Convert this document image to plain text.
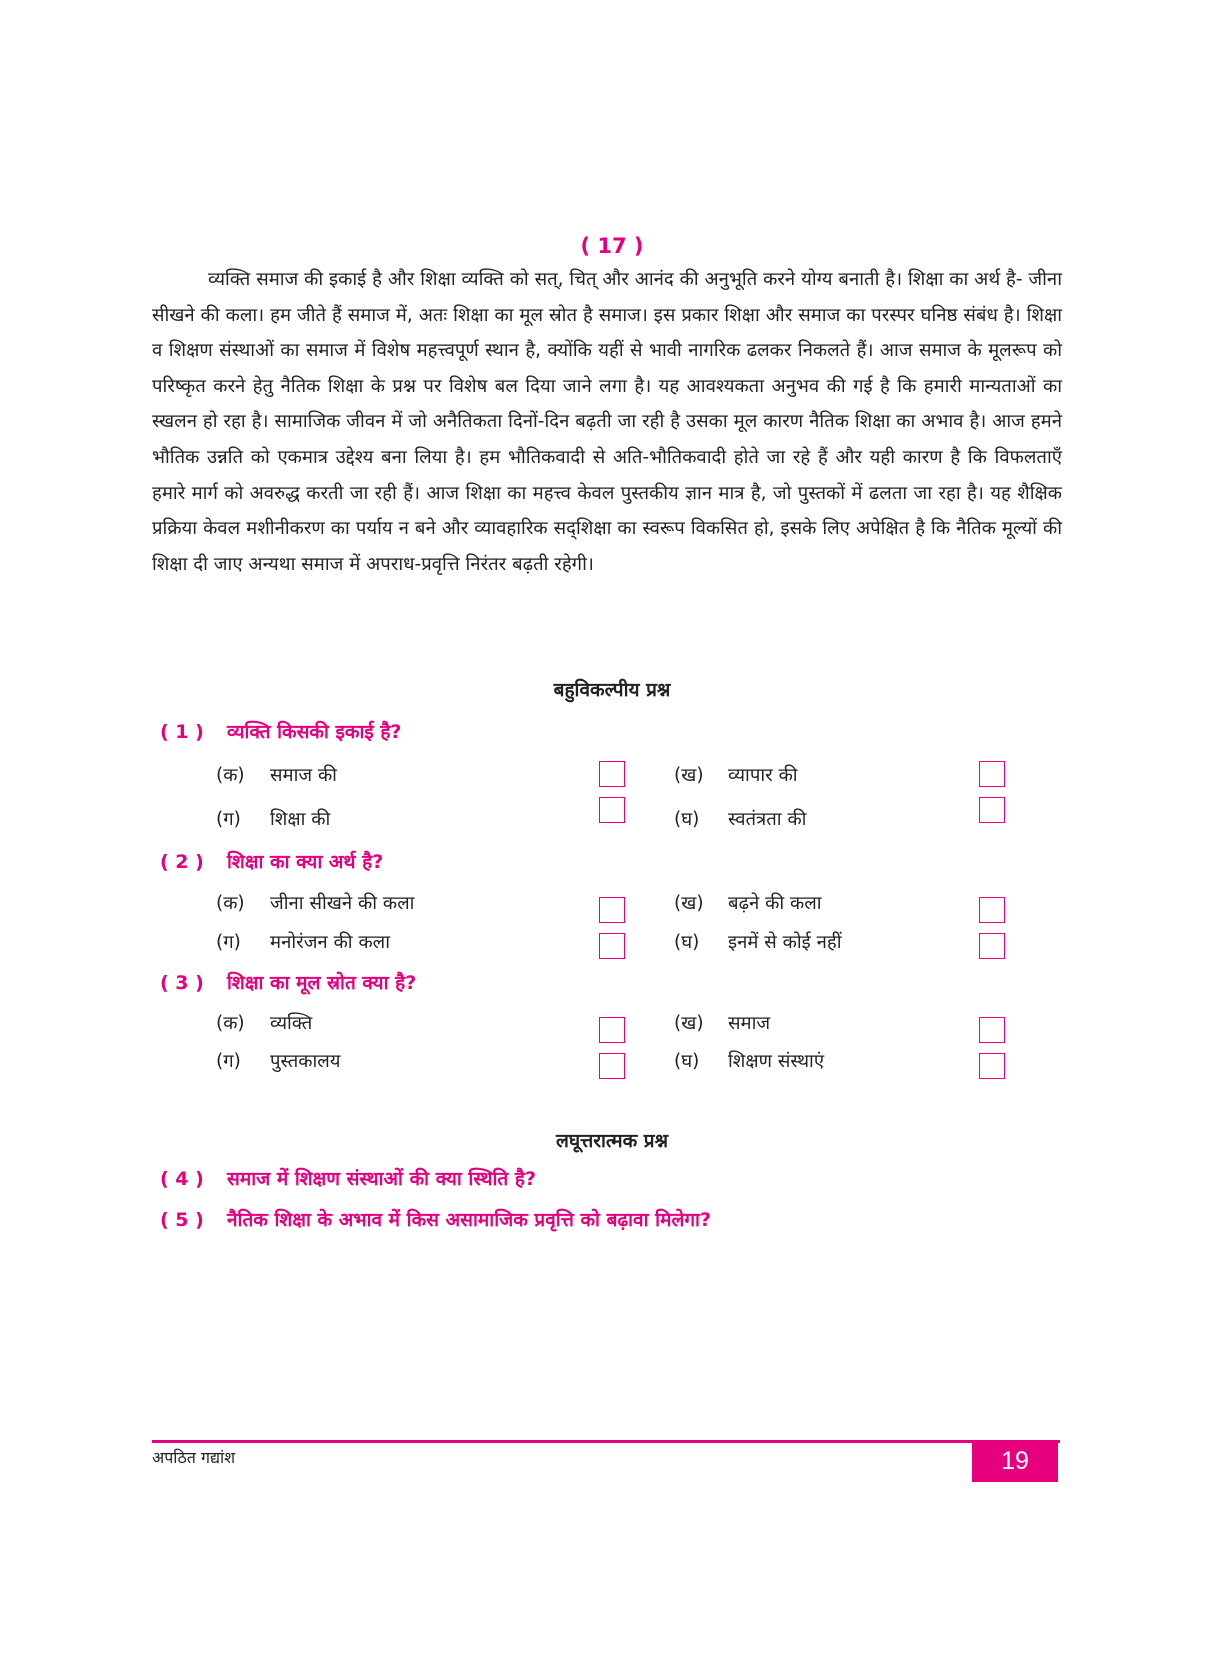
( 17 )

व्यक्ति समाज की इकाई है और शिक्षा व्यक्ति को सत्, चित् और आनंद की अनुभूति करने योग्य बनाती है। शिक्षा का अर्थ है- जीना सीखने की कला। हम जीते हैं समाज में, अतः शिक्षा का मूल स्रोत है समाज। इस प्रकार शिक्षा और समाज का परस्पर घनिष्ठ संबंध है। शिक्षा व शिक्षण संस्थाओं का समाज में विशेष महत्त्वपूर्ण स्थान है, क्योंकि यहीं से भावी नागरिक ढलकर निकलते हैं। आज समाज के मूलरूप को परिष्कृत करने हेतु नैतिक शिक्षा के प्रश्न पर विशेष बल दिया जाने लगा है। यह आवश्यकता अनुभव की गई है कि हमारी मान्यताओं का स्खलन हो रहा है। सामाजिक जीवन में जो अनैतिकता दिनों-दिन बढ़ती जा रही है उसका मूल कारण नैतिक शिक्षा का अभाव है। आज हमने भौतिक उन्नति को एकमात्र उद्देश्य बना लिया है। हम भौतिकवादी से अति-भौतिकवादी होते जा रहे हैं और यही कारण है कि विफलताएँ हमारे मार्ग को अवरुद्ध करती जा रही हैं। आज शिक्षा का महत्त्व केवल पुस्तकीय ज्ञान मात्र है, जो पुस्तकों में ढलता जा रहा है। यह शैक्षिक प्रक्रिया केवल मशीनीकरण का पर्याय न बने और व्यावहारिक सद्शिक्षा का स्वरूप विकसित हो, इसके लिए अपेक्षित है कि नैतिक मूल्यों की शिक्षा दी जाए अन्यथा समाज में अपराध-प्रवृत्ति निरंतर बढ़ती रहेगी।

बहुविकल्पीय प्रश्न
( 1 ) व्यक्ति किसकी इकाई है?
(क) समाज की	(ख) व्यापार की
(ग) शिक्षा की	(घ) स्वतंत्रता की
( 2 ) शिक्षा का क्या अर्थ है?
(क) जीना सीखने की कला	(ख) बढ़ने की कला
(ग) मनोरंजन की कला	(घ) इनमें से कोई नहीं
( 3 ) शिक्षा का मूल स्रोत क्या है?
(क) व्यक्ति	(ख) समाज
(ग) पुस्तकालय	(घ) शिक्षण संस्थाएं
लघूत्तरात्मक प्रश्न
( 4 ) समाज में शिक्षण संस्थाओं की क्या स्थिति है?
( 5 ) नैतिक शिक्षा के अभाव में किस असामाजिक प्रवृत्ति को बढ़ावा मिलेगा?
अपठित गद्यांश	19
